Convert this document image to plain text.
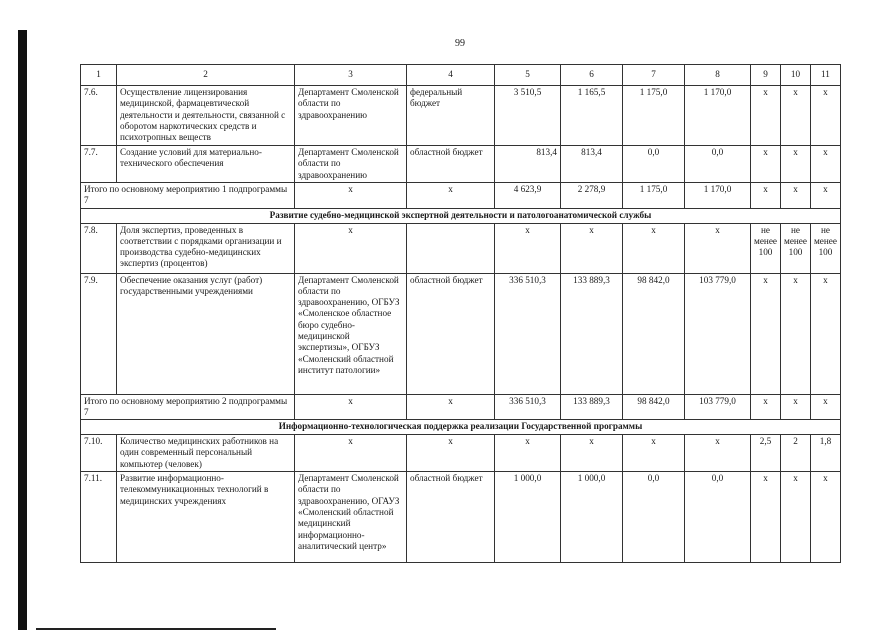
99
1	2	3	4	5	6	7	8	9	10	11
7.6.	Осуществление лицензирования медицинской, фармацевтической деятельности и деятельности, связанной с оборотом наркотических средств и психотропных веществ	Департамент Смоленской области по здравоохранению	федеральный бюджет	3 510,5	1 165,5	1 175,0	1 170,0	x	x	x
7.7.	Создание условий для материально-технического обеспечения	Департамент Смоленской области по здравоохранению	областной бюджет	813,4	813,4	0,0	0,0	x	x	x
Итого по основному мероприятию 1 подпрограммы 7		x	x	4 623,9	2 278,9	1 175,0	1 170,0	x	x	x
Развитие судебно-медицинской экспертной деятельности и патологоанатомической службы										
7.8.	Доля экспертиз, проведенных в соответствии с порядками организации и производства судебно-медицинских экспертиз (процентов)	x		x	x	x	x	не менее 100	не менее 100	не менее 100
7.9.	Обеспечение оказания услуг (работ) государственными учреждениями	Департамент Смоленской области по здравоохранению, ОГБУЗ «Смоленское областное бюро судебно-медицинской экспертизы», ОГБУЗ «Смоленский областной институт патологии»	областной бюджет	336 510,3	133 889,3	98 842,0	103 779,0	x	x	x
Итого по основному мероприятию 2 подпрограммы 7		x	x	336 510,3	133 889,3	98 842,0	103 779,0	x	x	x
Информационно-технологическая поддержка реализации Государственной программы										
7.10.	Количество медицинских работников на один современный персональный компьютер (человек)	x	x	x	x	x	x	2,5	2	1,8
7.11.	Развитие информационно-телекоммуникационных технологий в медицинских учреждениях	Департамент Смоленской области по здравоохранению, ОГАУЗ «Смоленский областной медицинский информационно-аналитический центр»	областной бюджет	1 000,0	1 000,0	0,0	0,0	x	x	x
